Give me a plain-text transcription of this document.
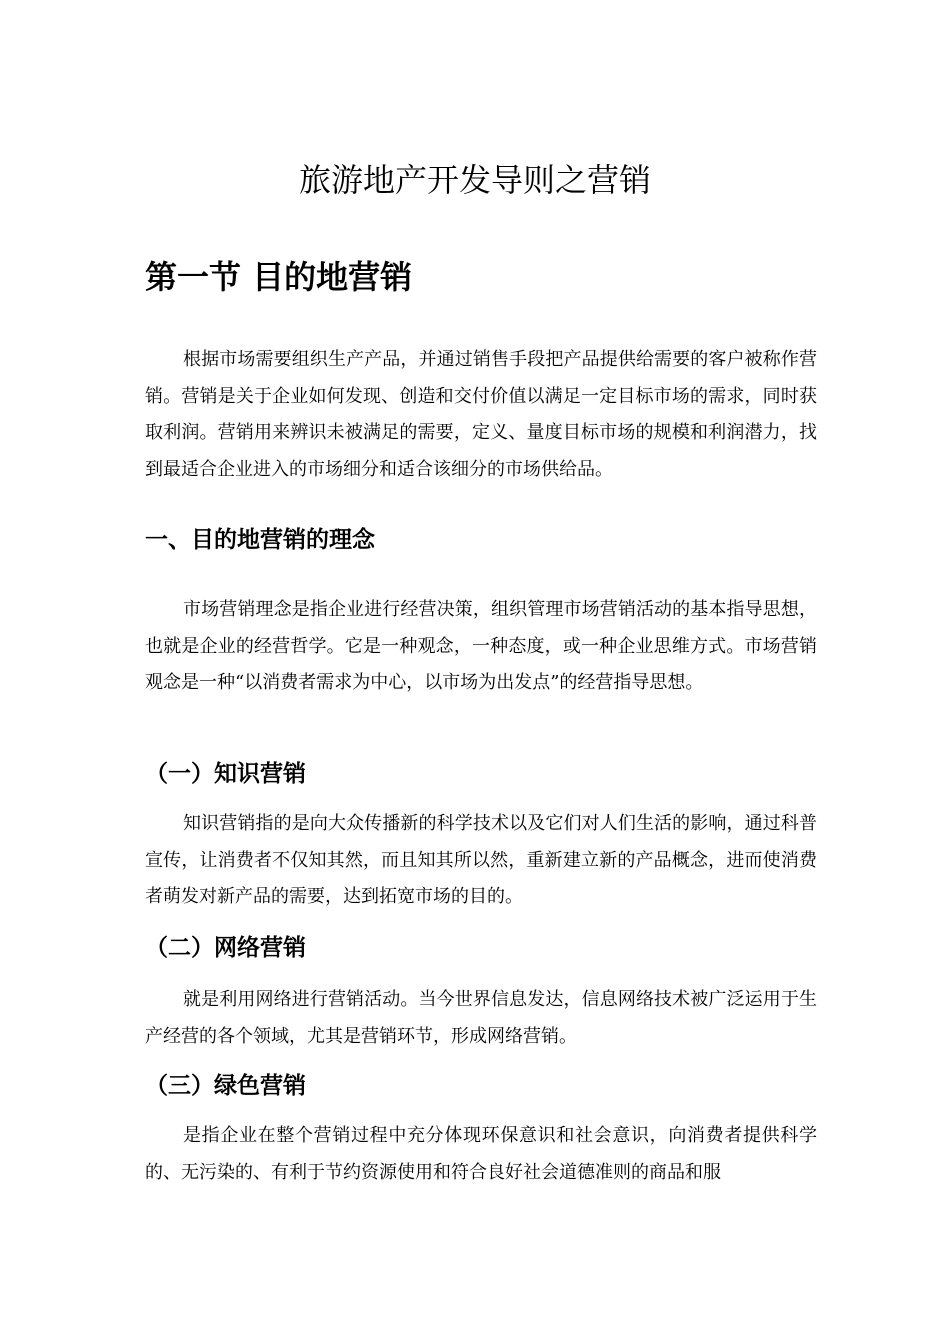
旅游地产开发导则之营销
第一节 目的地营销

根据市场需要组织生产产品，并通过销售手段把产品提供给需要的客户被称作营销。营销是关于企业如何发现、创造和交付价值以满足一定目标市场的需求，同时获取利润。营销用来辨识未被满足的需要，定义、量度目标市场的规模和利润潜力，找到最适合企业进入的市场细分和适合该细分的市场供给品。

一、目的地营销的理念

市场营销理念是指企业进行经营决策，组织管理市场营销活动的基本指导思想，也就是企业的经营哲学。它是一种观念，一种态度，或一种企业思维方式。市场营销观念是一种“以消费者需求为中心，以市场为出发点”的经营指导思想。

（一）知识营销

知识营销指的是向大众传播新的科学技术以及它们对人们生活的影响，通过科普宣传，让消费者不仅知其然，而且知其所以然，重新建立新的产品概念，进而使消费者萌发对新产品的需要，达到拓宽市场的目的。

（二）网络营销

就是利用网络进行营销活动。当今世界信息发达，信息网络技术被广泛运用于生产经营的各个领域，尤其是营销环节，形成网络营销。

（三）绿色营销

是指企业在整个营销过程中充分体现环保意识和社会意识，向消费者提供科学的、无污染的、有利于节约资源使用和符合良好社会道德准则的商品和服
